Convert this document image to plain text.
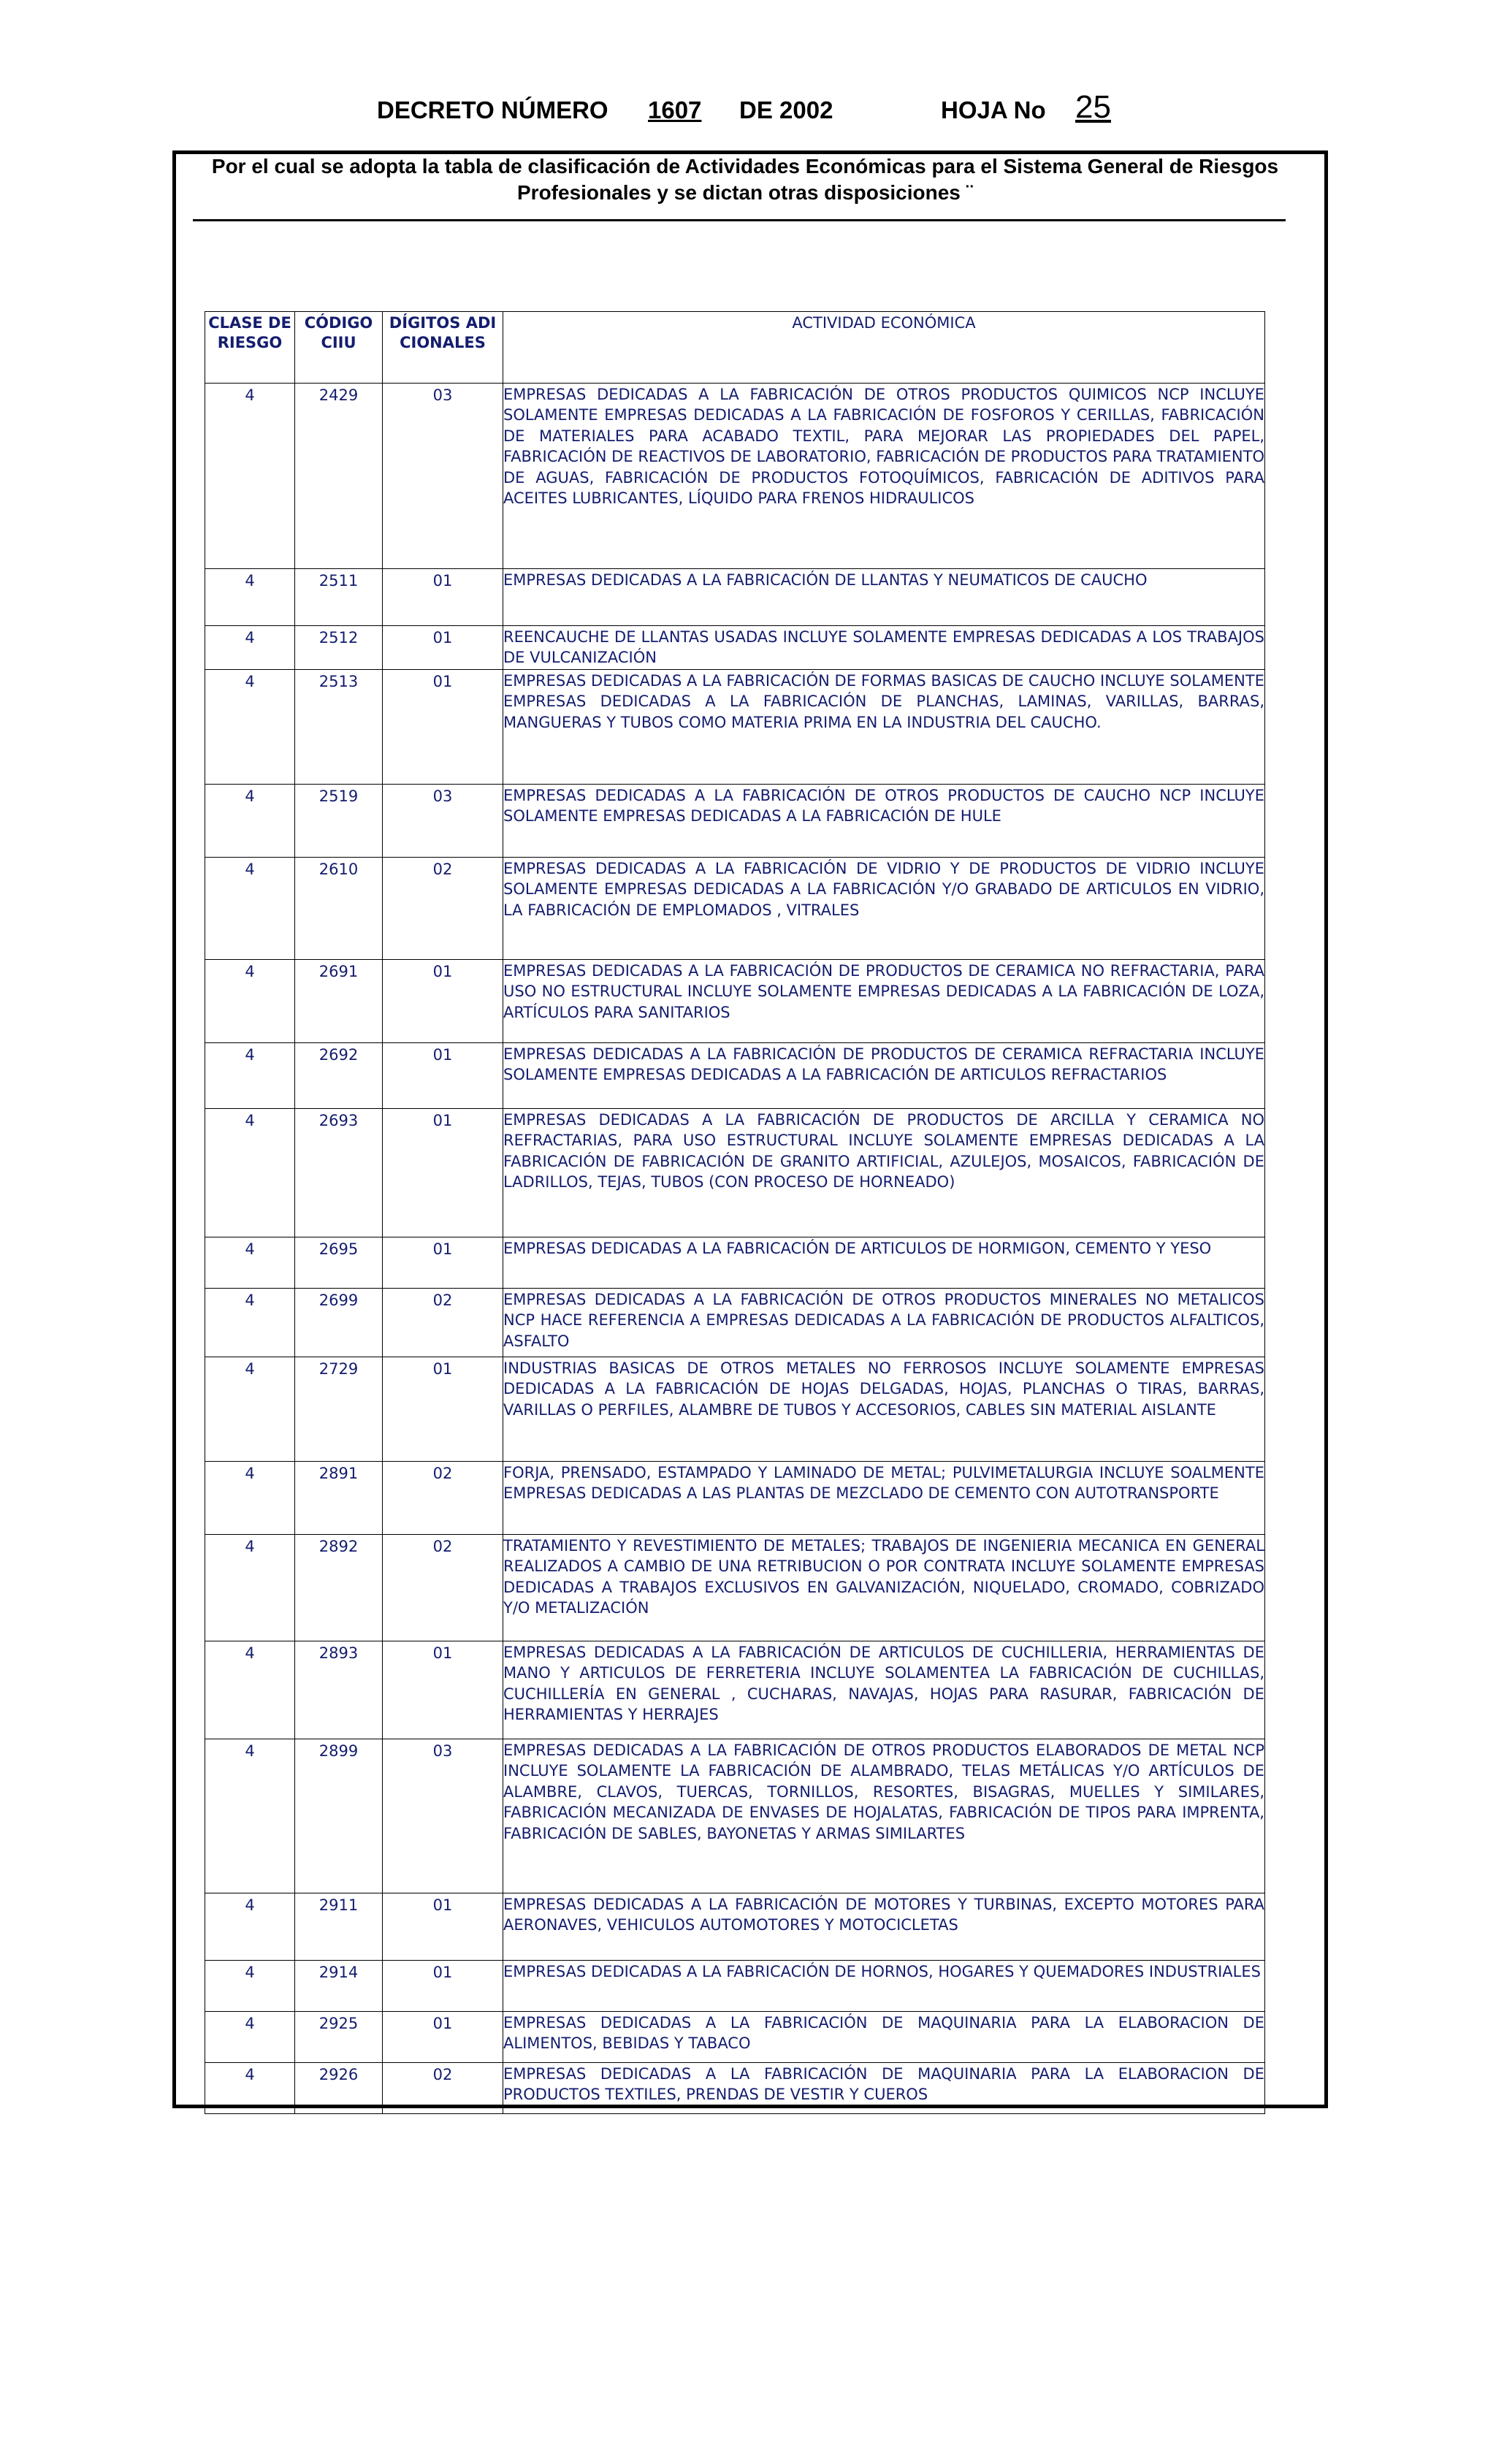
DECRETO NÚMERO 1607 DE 2002	HOJA No 25
Por el cual se adopta la tabla de clasificación de Actividades Económicas para el Sistema General de Riesgos Profesionales y se dictan otras disposiciones ¨
CLASE DE RIESGO	CÓDIGO CIIU	DÍGITOS ADICIONALES	ACTIVIDAD ECONÓMICA
4	2429	03	EMPRESAS DEDICADAS A LA FABRICACIÓN DE OTROS PRODUCTOS QUIMICOS NCP INCLUYE SOLAMENTE EMPRESAS DEDICADAS A LA FABRICACIÓN DE FOSFOROS Y CERILLAS, FABRICACIÓN DE MATERIALES PARA ACABADO TEXTIL, PARA MEJORAR LAS PROPIEDADES DEL PAPEL, FABRICACIÓN DE REACTIVOS DE LABORATORIO, FABRICACIÓN DE PRODUCTOS PARA TRATAMIENTO DE AGUAS, FABRICACIÓN DE PRODUCTOS FOTOQUÍMICOS, FABRICACIÓN DE ADITIVOS PARA ACEITES LUBRICANTES, LÍQUIDO PARA FRENOS HIDRAULICOS
4	2511	01	EMPRESAS DEDICADAS A LA FABRICACIÓN DE LLANTAS Y NEUMATICOS DE CAUCHO
4	2512	01	REENCAUCHE DE LLANTAS USADAS INCLUYE SOLAMENTE EMPRESAS DEDICADAS A LOS TRABAJOS DE VULCANIZACIÓN
4	2513	01	EMPRESAS DEDICADAS A LA FABRICACIÓN DE FORMAS BASICAS DE CAUCHO INCLUYE SOLAMENTE EMPRESAS DEDICADAS A LA FABRICACIÓN DE PLANCHAS, LAMINAS, VARILLAS, BARRAS, MANGUERAS Y TUBOS COMO MATERIA PRIMA EN LA INDUSTRIA DEL CAUCHO.
4	2519	03	EMPRESAS DEDICADAS A LA FABRICACIÓN DE OTROS PRODUCTOS DE CAUCHO NCP INCLUYE SOLAMENTE EMPRESAS DEDICADAS A LA FABRICACIÓN DE HULE
4	2610	02	EMPRESAS DEDICADAS A LA FABRICACIÓN DE VIDRIO Y DE PRODUCTOS DE VIDRIO INCLUYE SOLAMENTE EMPRESAS DEDICADAS A LA FABRICACIÓN Y/O GRABADO DE ARTICULOS EN VIDRIO, LA FABRICACIÓN DE EMPLOMADOS , VITRALES
4	2691	01	EMPRESAS DEDICADAS A LA FABRICACIÓN DE PRODUCTOS DE CERAMICA NO REFRACTARIA, PARA USO NO ESTRUCTURAL INCLUYE SOLAMENTE EMPRESAS DEDICADAS A LA FABRICACIÓN DE LOZA, ARTÍCULOS PARA SANITARIOS
4	2692	01	EMPRESAS DEDICADAS A LA FABRICACIÓN DE PRODUCTOS DE CERAMICA REFRACTARIA INCLUYE SOLAMENTE EMPRESAS DEDICADAS A LA FABRICACIÓN DE ARTICULOS REFRACTARIOS
4	2693	01	EMPRESAS DEDICADAS A LA FABRICACIÓN DE PRODUCTOS DE ARCILLA Y CERAMICA NO REFRACTARIAS, PARA USO ESTRUCTURAL INCLUYE SOLAMENTE EMPRESAS DEDICADAS A LA FABRICACIÓN DE FABRICACIÓN DE GRANITO ARTIFICIAL, AZULEJOS, MOSAICOS, FABRICACIÓN DE LADRILLOS, TEJAS, TUBOS (CON PROCESO DE HORNEADO)
4	2695	01	EMPRESAS DEDICADAS A LA FABRICACIÓN DE ARTICULOS DE HORMIGON, CEMENTO Y YESO
4	2699	02	EMPRESAS DEDICADAS A LA FABRICACIÓN DE OTROS PRODUCTOS MINERALES NO METALICOS NCP HACE REFERENCIA A EMPRESAS DEDICADAS A LA FABRICACIÓN DE PRODUCTOS ALFALTICOS, ASFALTO
4	2729	01	INDUSTRIAS BASICAS DE OTROS METALES NO FERROSOS INCLUYE SOLAMENTE EMPRESAS DEDICADAS A LA FABRICACIÓN DE HOJAS DELGADAS, HOJAS, PLANCHAS O TIRAS, BARRAS, VARILLAS O PERFILES, ALAMBRE DE TUBOS Y ACCESORIOS, CABLES SIN MATERIAL AISLANTE
4	2891	02	FORJA, PRENSADO, ESTAMPADO Y LAMINADO DE METAL; PULVIMETALURGIA INCLUYE SOALMENTE EMPRESAS DEDICADAS A LAS PLANTAS DE MEZCLADO DE CEMENTO CON AUTOTRANSPORTE
4	2892	02	TRATAMIENTO Y REVESTIMIENTO DE METALES; TRABAJOS DE INGENIERIA MECANICA EN GENERAL REALIZADOS A CAMBIO DE UNA RETRIBUCION O POR CONTRATA INCLUYE SOLAMENTE EMPRESAS DEDICADAS A TRABAJOS EXCLUSIVOS EN GALVANIZACIÓN, NIQUELADO, CROMADO, COBRIZADO Y/O METALIZACIÓN
4	2893	01	EMPRESAS DEDICADAS A LA FABRICACIÓN DE ARTICULOS DE CUCHILLERIA, HERRAMIENTAS DE MANO Y ARTICULOS DE FERRETERIA INCLUYE SOLAMENTEA LA FABRICACIÓN DE CUCHILLAS, CUCHILLERÍA EN GENERAL , CUCHARAS, NAVAJAS, HOJAS PARA RASURAR, FABRICACIÓN DE HERRAMIENTAS Y HERRAJES
4	2899	03	EMPRESAS DEDICADAS A LA FABRICACIÓN DE OTROS PRODUCTOS ELABORADOS DE METAL NCP INCLUYE SOLAMENTE LA FABRICACIÓN DE ALAMBRADO, TELAS METÁLICAS Y/O ARTÍCULOS DE ALAMBRE, CLAVOS, TUERCAS, TORNILLOS, RESORTES, BISAGRAS, MUELLES Y SIMILARES, FABRICACIÓN MECANIZADA DE ENVASES DE HOJALATAS, FABRICACIÓN DE TIPOS PARA IMPRENTA, FABRICACIÓN DE SABLES, BAYONETAS Y ARMAS SIMILARTES
4	2911	01	EMPRESAS DEDICADAS A LA FABRICACIÓN DE MOTORES Y TURBINAS, EXCEPTO MOTORES PARA AERONAVES, VEHICULOS AUTOMOTORES Y MOTOCICLETAS
4	2914	01	EMPRESAS DEDICADAS A LA FABRICACIÓN DE HORNOS, HOGARES Y QUEMADORES INDUSTRIALES
4	2925	01	EMPRESAS DEDICADAS A LA FABRICACIÓN DE MAQUINARIA PARA LA ELABORACION DE ALIMENTOS, BEBIDAS Y TABACO
4	2926	02	EMPRESAS DEDICADAS A LA FABRICACIÓN DE MAQUINARIA PARA LA ELABORACION DE PRODUCTOS TEXTILES, PRENDAS DE VESTIR Y CUEROS
